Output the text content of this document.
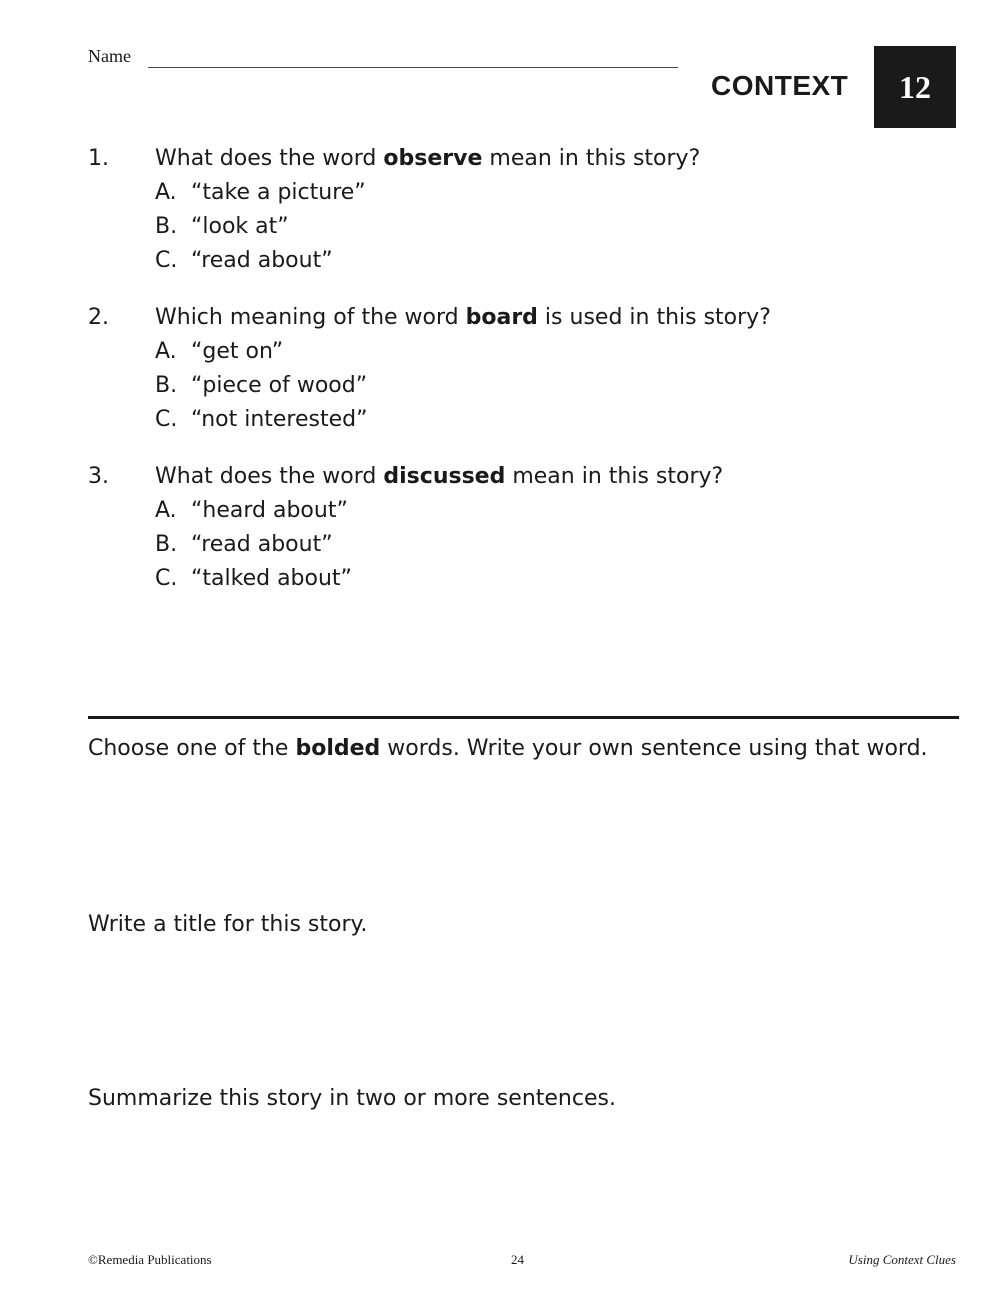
Name
CONTEXT	12
1. What does the word observe mean in this story?
A. “take a picture”
B. “look at”
C. “read about”
2. Which meaning of the word board is used in this story?
A. “get on”
B. “piece of wood”
C. “not interested”
3. What does the word discussed mean in this story?
A. “heard about”
B. “read about”
C. “talked about”
Choose one of the bolded words. Write your own sentence using that word.
Write a title for this story.
Summarize this story in two or more sentences.
©Remedia Publications	24	Using Context Clues
